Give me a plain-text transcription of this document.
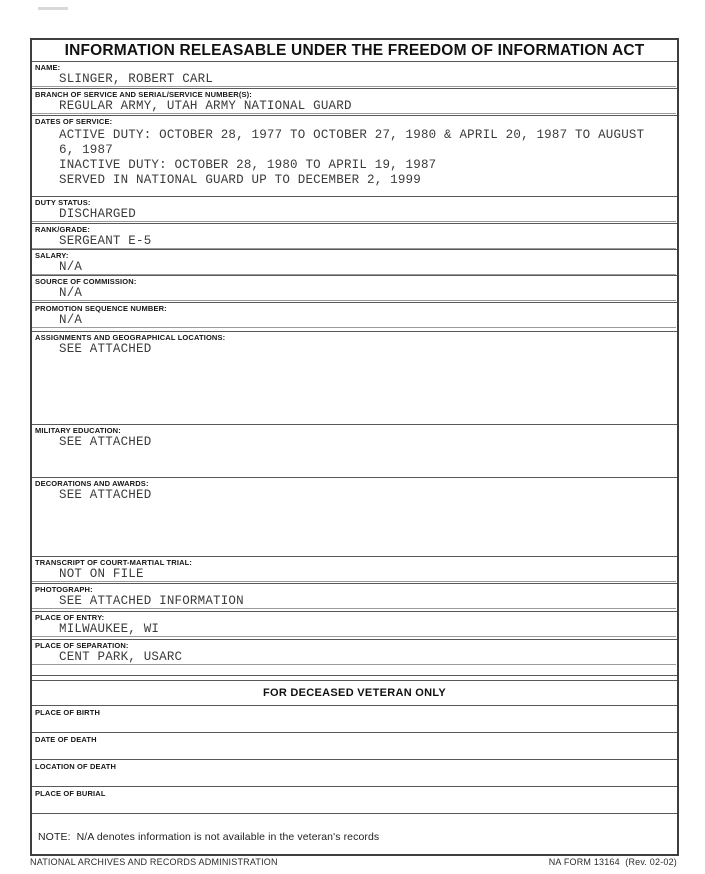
INFORMATION RELEASABLE UNDER THE FREEDOM OF INFORMATION ACT
NAME:
SLINGER, ROBERT CARL
BRANCH OF SERVICE AND SERIAL/SERVICE NUMBER(S):
REGULAR ARMY, UTAH ARMY NATIONAL GUARD
DATES OF SERVICE:
ACTIVE DUTY: OCTOBER 28, 1977 TO OCTOBER 27, 1980 & APRIL 20, 1987 TO AUGUST
6, 1987
INACTIVE DUTY: OCTOBER 28, 1980 TO APRIL 19, 1987
SERVED IN NATIONAL GUARD UP TO DECEMBER 2, 1999
DUTY STATUS:
DISCHARGED
RANK/GRADE:
SERGEANT E-5
SALARY:
N/A
SOURCE OF COMMISSION:
N/A
PROMOTION SEQUENCE NUMBER:
N/A
ASSIGNMENTS AND GEOGRAPHICAL LOCATIONS:
SEE ATTACHED
MILITARY EDUCATION:
SEE ATTACHED
DECORATIONS AND AWARDS:
SEE ATTACHED
TRANSCRIPT OF COURT-MARTIAL TRIAL:
NOT ON FILE
PHOTOGRAPH:
SEE ATTACHED INFORMATION
PLACE OF ENTRY:
MILWAUKEE, WI
PLACE OF SEPARATION:
CENT PARK, USARC
FOR DECEASED VETERAN ONLY
PLACE OF BIRTH
DATE OF DEATH
LOCATION OF DEATH
PLACE OF BURIAL
NOTE:  N/A denotes information is not available in the veteran's records
NATIONAL ARCHIVES AND RECORDS ADMINISTRATION	NA FORM 13164  (Rev. 02-02)
